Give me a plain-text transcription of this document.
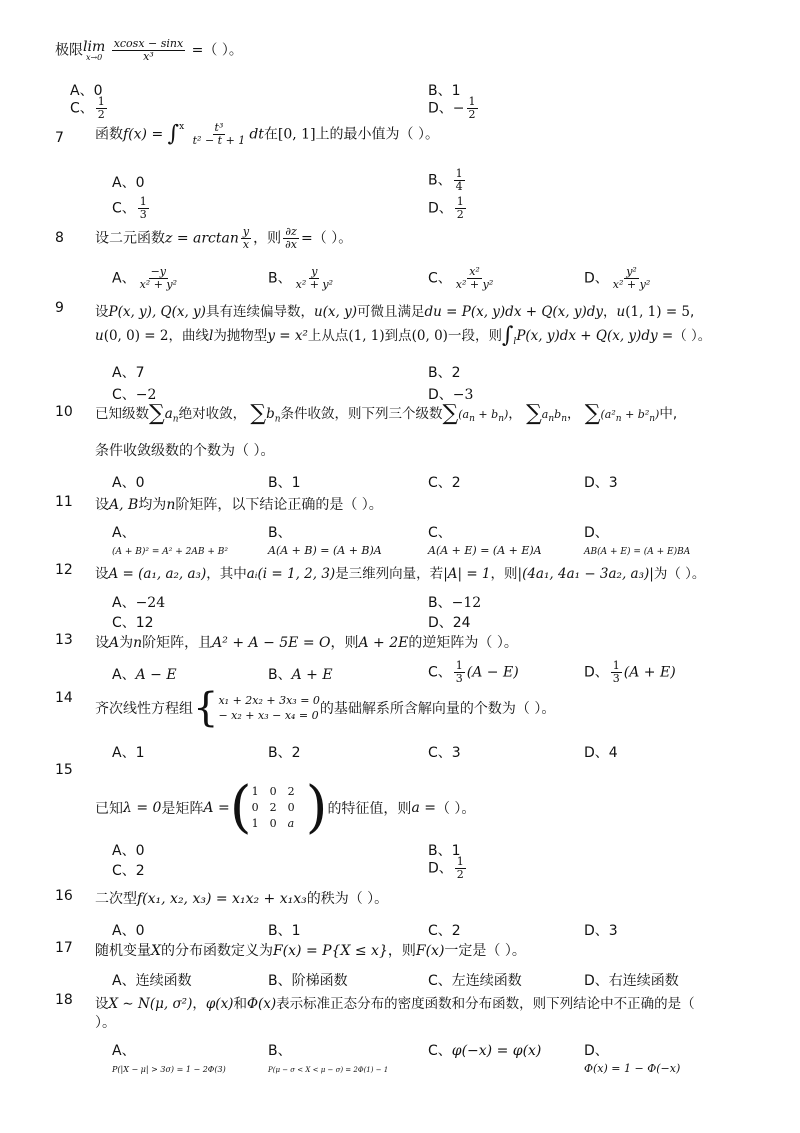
极限 lim
x→0
$\frac{xcosx - \sin x}{\text{x³}}$ =（ ）。
A、0	B、1
C、 $\frac{1}{2}$	D、− $\frac{1}{2}$
7 函数$f(x) = \int^x \frac{\text{t³}}{\text{t² − t + 1}}$ dt在[0, 1]上的最小值为（ ）。
A、0	B、 $\frac{1}{4}$
C、 $\frac{1}{3}$	D、 $\frac{1}{2}$
8 设二元函数$z = \arctan \frac{y}{x}$ ，则 $\frac{\partial z}{\partial x}$ =（ ）。
A、 $\frac{-y}{\text{x² + y²}}$	B、 $\frac{y}{\text{x² + y²}}$	C、 $\frac{\text{x²}}{\text{x² + y²}}$	D、 $\frac{\text{y²}}{\text{x² + y²}}$
9 设P(x, y), Q(x, y)具有连续偏导数，u(x, y)可微且满足du = P(x, y)dx + Q(x, y)dy，u(1, 1) = 5,
u(0, 0) = 2，曲线l为抛物型y = x²上从点(1, 1)到点(0, 0)一段，则∫lP(x, y)dx + Q(x, y)dy =（ ）。
A、7	B、2
C、−2	D、−3
10 已知级数$\sum a_n$绝对收敛， $\sum b_n$条件收敛，则下列三个级数$\sum(a_n + b_n)$， $\sum a_nb_n$， $\sum(a^2_n + b^2_n)$中,
条件收敛级数的个数为（ ）。
A、0	B、1	C、2	D、3
11 设A, B均为n阶矩阵，以下结论正确的是（ ）。
A、
(A + B)² = A² + 2AB + B²
B、
A(A + B) = (A + B)A
C、
A(A + E) = (A + E)A
D、
AB(A + E) = (A + E)BA
12 设A = (a₁, a₂, a₃)，其中aᵢ(i = 1, 2, 3)是三维列向量，若|A| = 1，则|(4a₁, 4a₁ − 3a₂, a₃)|为（ ）。
A、−24	B、−12
C、12	D、24
13 设A为n阶矩阵，且A² + A − 5E = O，则A + 2E的逆矩阵为（ ）。
A、A − E	B、A + E	C、 $\frac{1}{3} (A - E)$	D、 $\frac{1}{3} (A + E)$
14
齐次线性方程组{x₁ + 2x₂ + 3x₃ = 0
− x₂ + x₃ − x₄ = 0的基础解系所含解向量的个数为（ ）。
A、1	B、2	C、3	D、4
15
已知λ = 0是矩阵A =( 1	0	2
0	2	0
1	0	a )的特征值，则a =（ ）。
A、0	B、1
C、2	D、 $\frac{1}{2}$
16 二次型f(x₁, x₂, x₃) = x₁x₂ + x₁x₃的秩为（ ）。
A、0	B、1	C、2	D、3
17 随机变量X的分布函数定义为F(x) = P{X ≤ x}，则F(x)一定是（ ）。
A、连续函数	B、阶梯函数	C、左连续函数	D、右连续函数
18 设X ∼ N(μ, σ²)，φ(x)和Φ(x)表示标准正态分布的密度函数和分布函数，则下列结论中不正确的是（
）。
A、
P(|X − μ| > 3σ) = 1 − 2Φ(3)
B、
P(μ − σ < X < μ − σ) = 2Φ(1) − 1
C、φ(−x) = φ(x)	D、
Φ(x) = 1 − Φ(−x)
